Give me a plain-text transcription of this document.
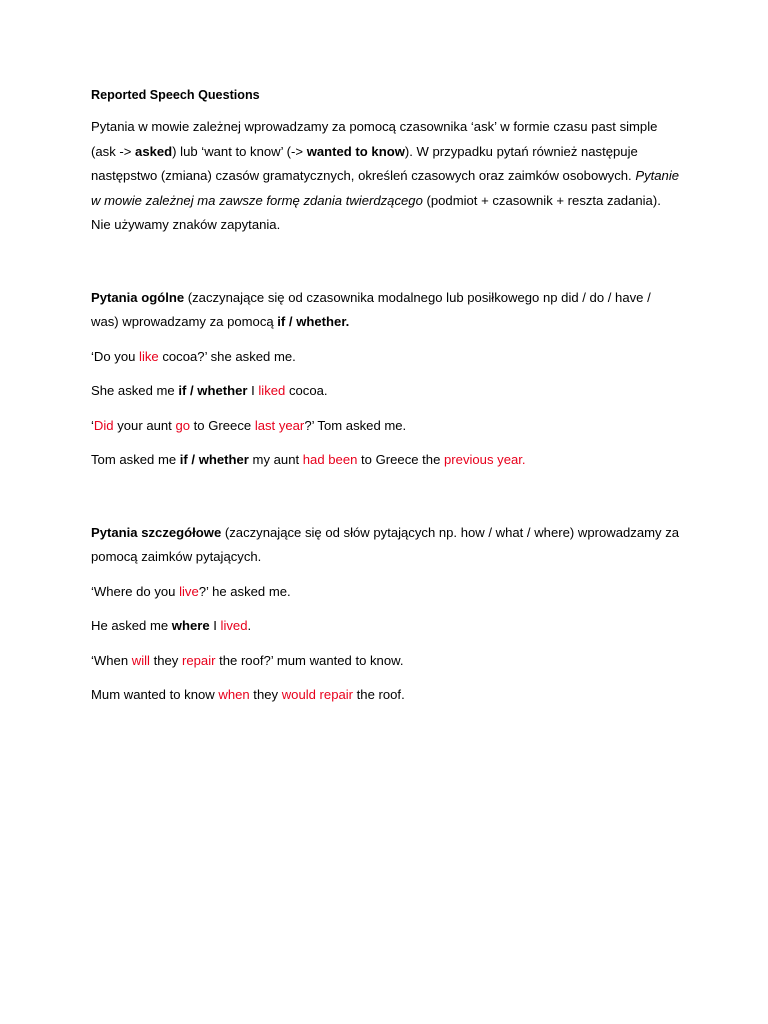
Reported Speech Questions

Pytania w mowie zależnej wprowadzamy za pomocą czasownika ‘ask’ w formie czasu past simple (ask -> asked) lub ‘want to know’ (-> wanted to know). W przypadku pytań również następuje następstwo (zmiana) czasów gramatycznych, określeń czasowych oraz zaimków osobowych. Pytanie w mowie zależnej ma zawsze formę zdania twierdzącego (podmiot + czasownik + reszta zadania). Nie używamy znaków zapytania.

Pytania ogólne (zaczynające się od czasownika modalnego lub posiłkowego np did / do / have / was) wprowadzamy za pomocą if / whether.

‘Do you like cocoa?’ she asked me.

She asked me if / whether I liked cocoa.

‘Did your aunt go to Greece last year?’ Tom asked me.

Tom asked me if / whether my aunt had been to Greece the previous year.

Pytania szczegółowe (zaczynające się od słów pytających np. how / what / where) wprowadzamy za pomocą zaimków pytających.

‘Where do you live?’ he asked me.

He asked me where I lived.

‘When will they repair the roof?’ mum wanted to know.

Mum wanted to know when they would repair the roof.
